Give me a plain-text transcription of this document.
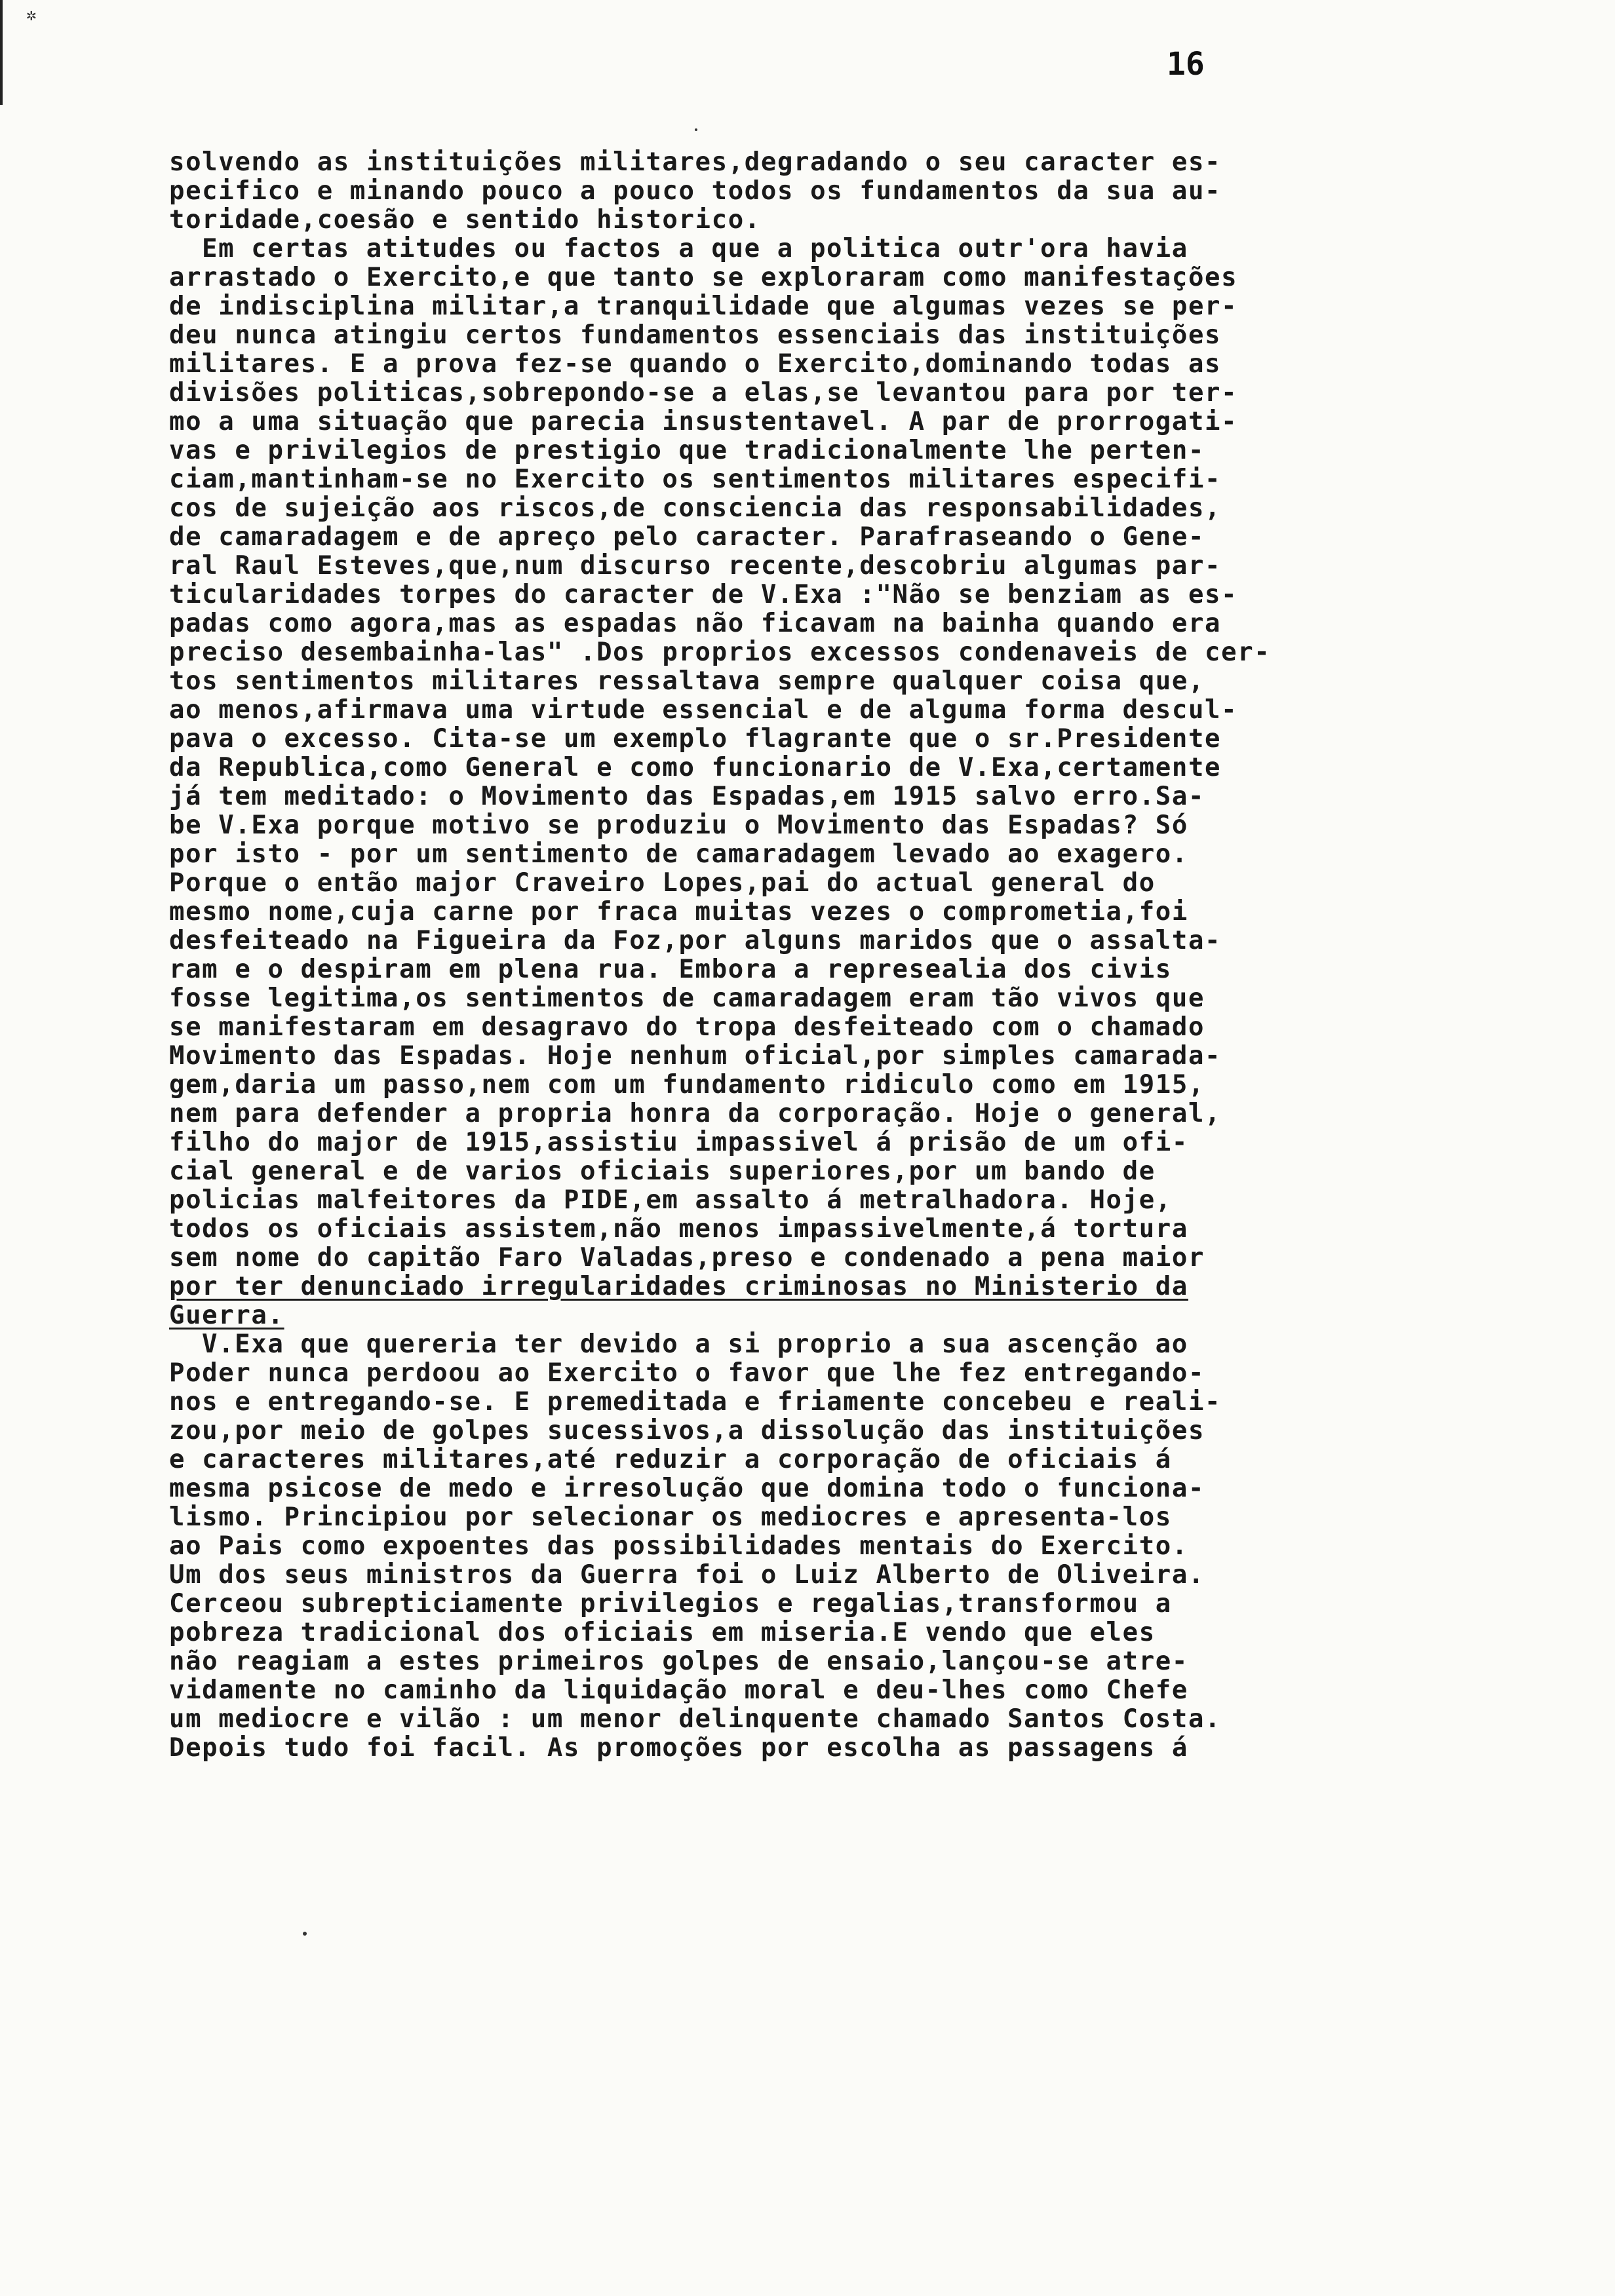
✲
16
solvendo as instituições militares,degradando o seu caracter es-
pecifico e minando pouco a pouco todos os fundamentos da sua au-
toridade,coesão e sentido historico.
Em certas atitudes ou factos a que a politica outr'ora havia
arrastado o Exercito,e que tanto se exploraram como manifestações
de indisciplina militar,a tranquilidade que algumas vezes se per-
deu nunca atingiu certos fundamentos essenciais das instituições
militares. E a prova fez-se quando o Exercito,dominando todas as
divisões politicas,sobrepondo-se a elas,se levantou para por ter-
mo a uma situação que parecia insustentavel. A par de prorrogati-
vas e privilegios de prestigio que tradicionalmente lhe perten-
ciam,mantinham-se no Exercito os sentimentos militares especifi-
cos de sujeição aos riscos,de consciencia das responsabilidades,
de camaradagem e de apreço pelo caracter. Parafraseando o Gene-
ral Raul Esteves,que,num discurso recente,descobriu algumas par-
ticularidades torpes do caracter de V.Exa :"Não se benziam as es-
padas como agora,mas as espadas não ficavam na bainha quando era
preciso desembainha-las" .Dos proprios excessos condenaveis de cer-
tos sentimentos militares ressaltava sempre qualquer coisa que,
ao menos,afirmava uma virtude essencial e de alguma forma descul-
pava o excesso. Cita-se um exemplo flagrante que o sr.Presidente
da Republica,como General e como funcionario de V.Exa,certamente
já tem meditado: o Movimento das Espadas,em 1915 salvo erro.Sa-
be V.Exa porque motivo se produziu o Movimento das Espadas? Só
por isto - por um sentimento de camaradagem levado ao exagero.
Porque o então major Craveiro Lopes,pai do actual general do
mesmo nome,cuja carne por fraca muitas vezes o comprometia,foi
desfeiteado na Figueira da Foz,por alguns maridos que o assalta-
ram e o despiram em plena rua. Embora a represealia dos civis
fosse legitima,os sentimentos de camaradagem eram tão vivos que
se manifestaram em desagravo do tropa desfeiteado com o chamado
Movimento das Espadas. Hoje nenhum oficial,por simples camarada-
gem,daria um passo,nem com um fundamento ridiculo como em 1915,
nem para defender a propria honra da corporação. Hoje o general,
filho do major de 1915,assistiu impassivel á prisão de um ofi-
cial general e de varios oficiais superiores,por um bando de
policias malfeitores da PIDE,em assalto á metralhadora. Hoje,
todos os oficiais assistem,não menos impassivelmente,á tortura
sem nome do capitão Faro Valadas,preso e condenado a pena maior
por ter denunciado irregularidades criminosas no Ministerio da
Guerra.
V.Exa que quereria ter devido a si proprio a sua ascenção ao
Poder nunca perdoou ao Exercito o favor que lhe fez entregando-
nos e entregando-se. E premeditada e friamente concebeu e reali-
zou,por meio de golpes sucessivos,a dissolução das instituições
e caracteres militares,até reduzir a corporação de oficiais á
mesma psicose de medo e irresolução que domina todo o funciona-
lismo. Principiou por selecionar os mediocres e apresenta-los
ao Pais como expoentes das possibilidades mentais do Exercito.
Um dos seus ministros da Guerra foi o Luiz Alberto de Oliveira.
Cerceou subrepticiamente privilegios e regalias,transformou a
pobreza tradicional dos oficiais em miseria.E vendo que eles
não reagiam a estes primeiros golpes de ensaio,lançou-se atre-
vidamente no caminho da liquidação moral e deu-lhes como Chefe
um mediocre e vilão : um menor delinquente chamado Santos Costa.
Depois tudo foi facil. As promoções por escolha as passagens á
